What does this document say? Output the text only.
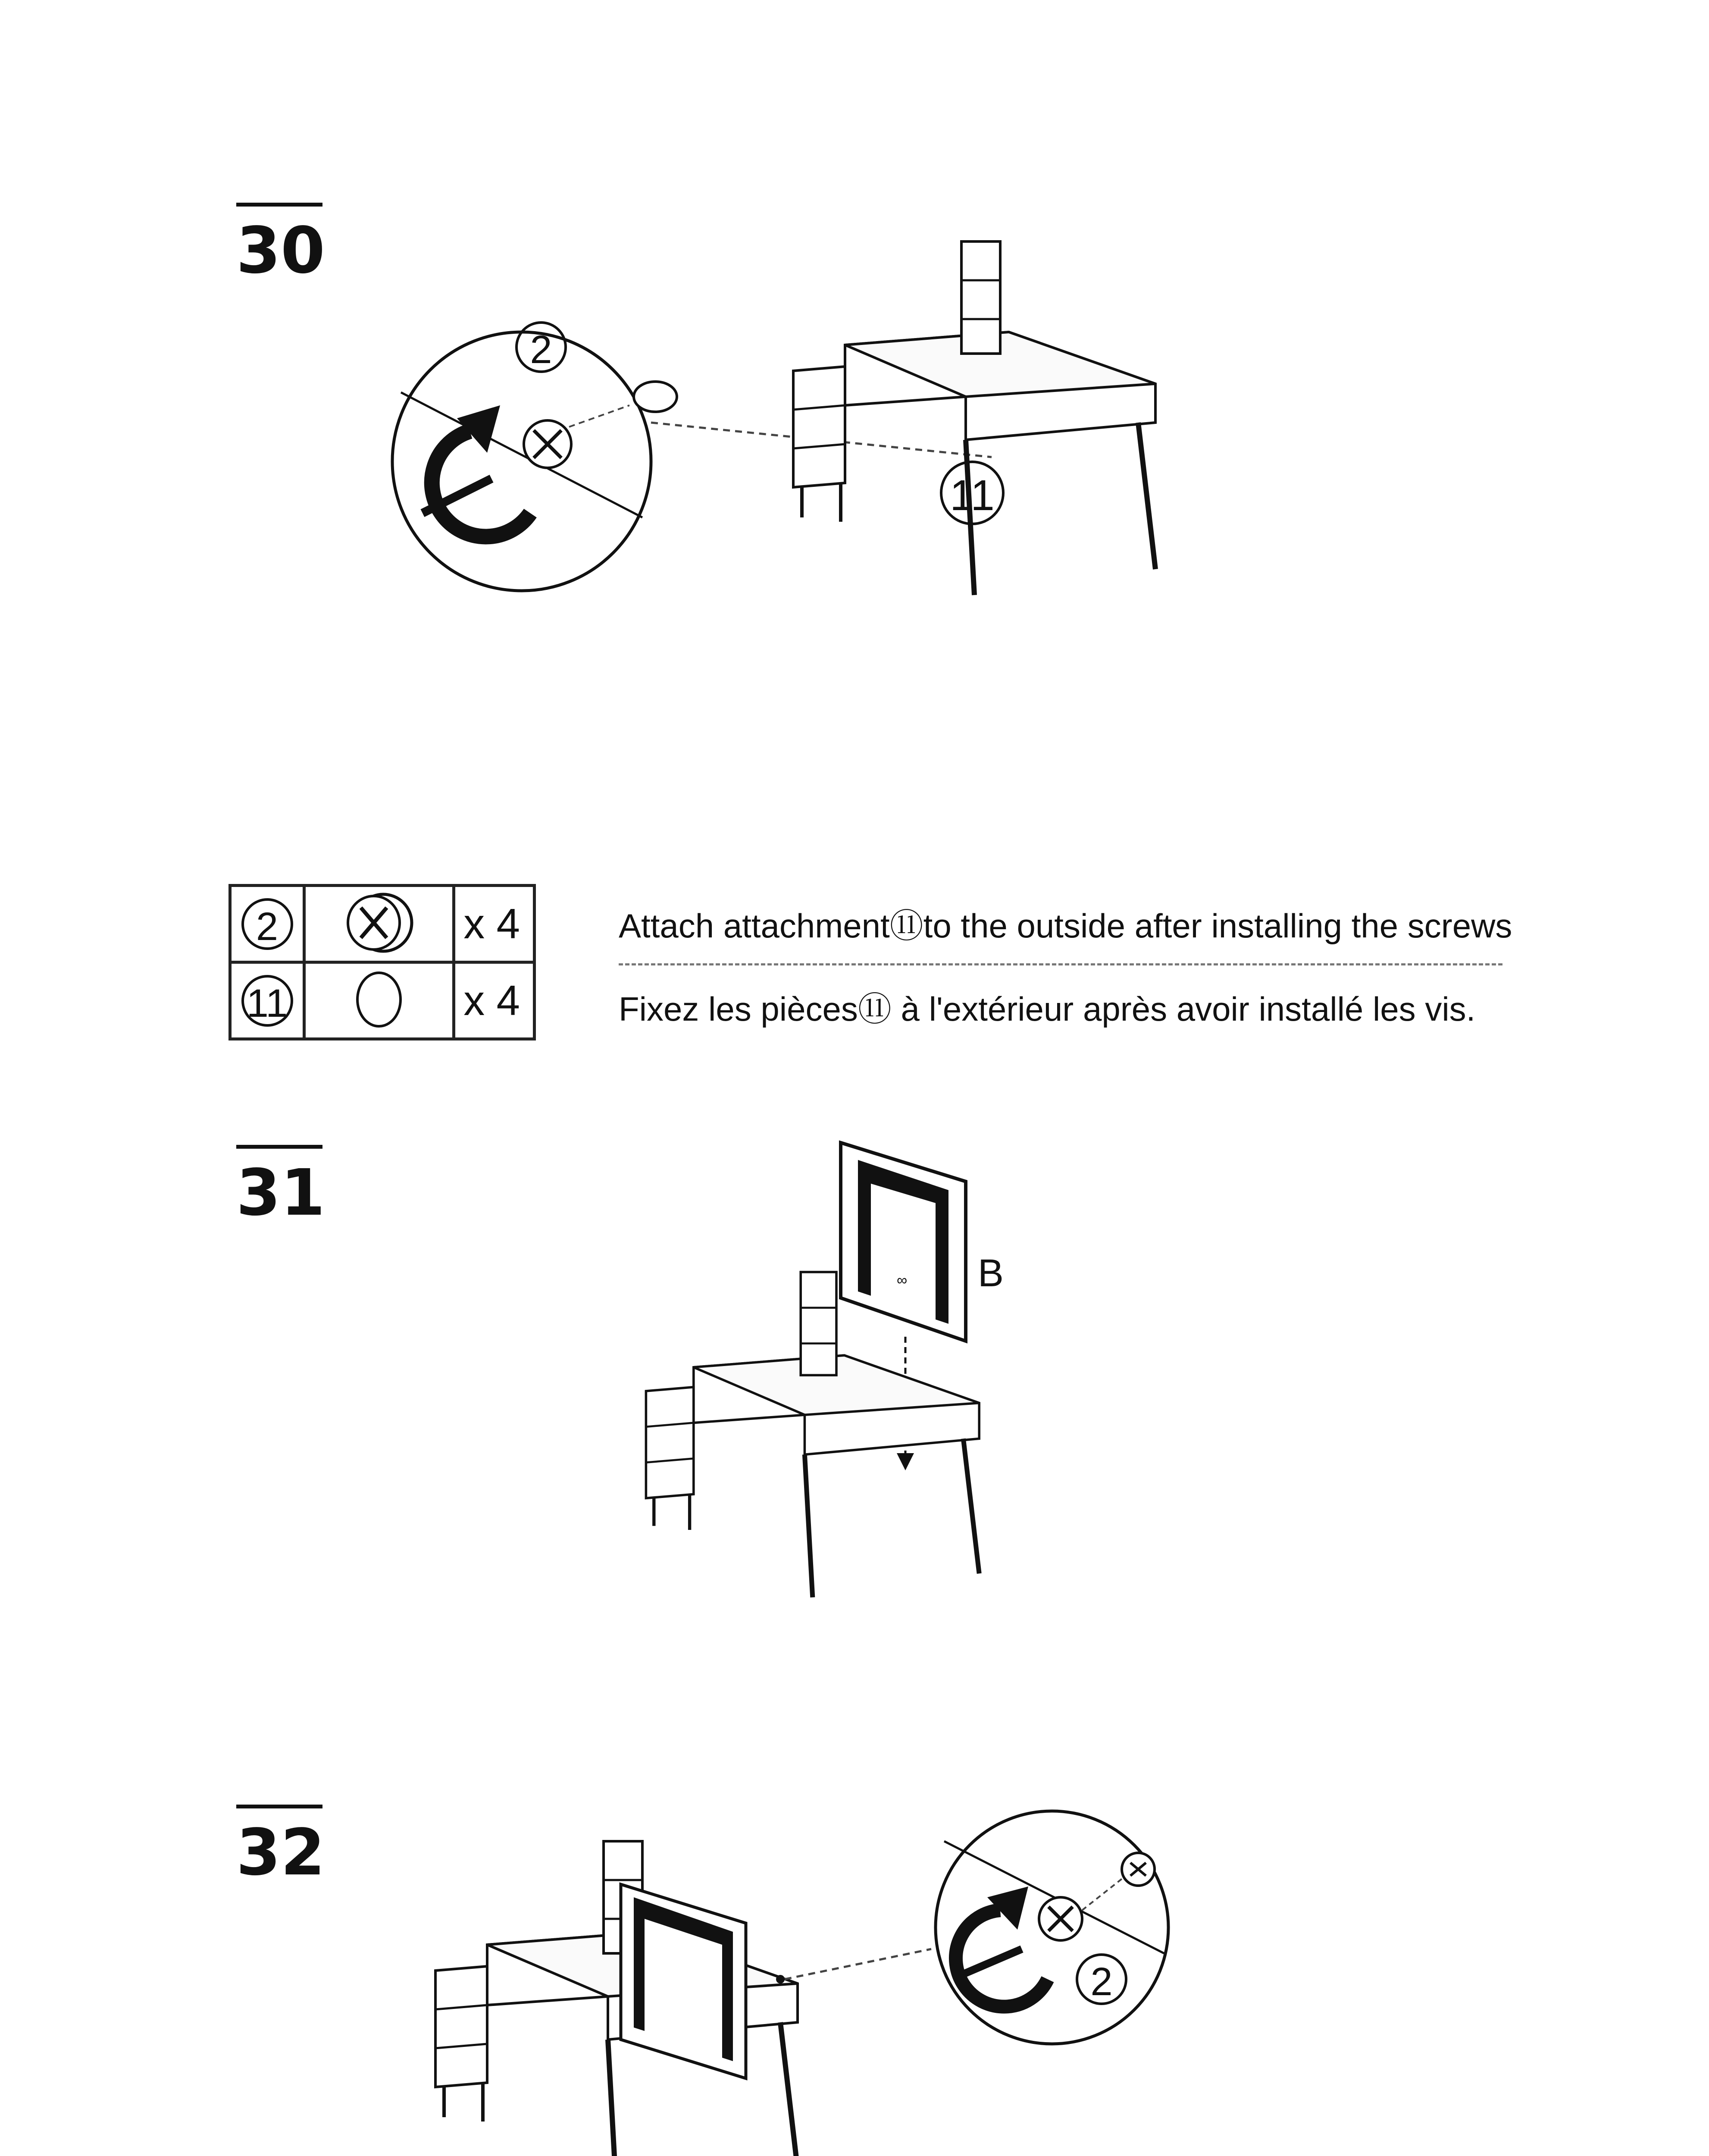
30
2
11
2		x 4
11		x 4
Attach attachment⑪to the outside after installing the screws
Fixez les pièces⑪ à l'extérieur après avoir installé les vis.
31
∞ B
32
2
